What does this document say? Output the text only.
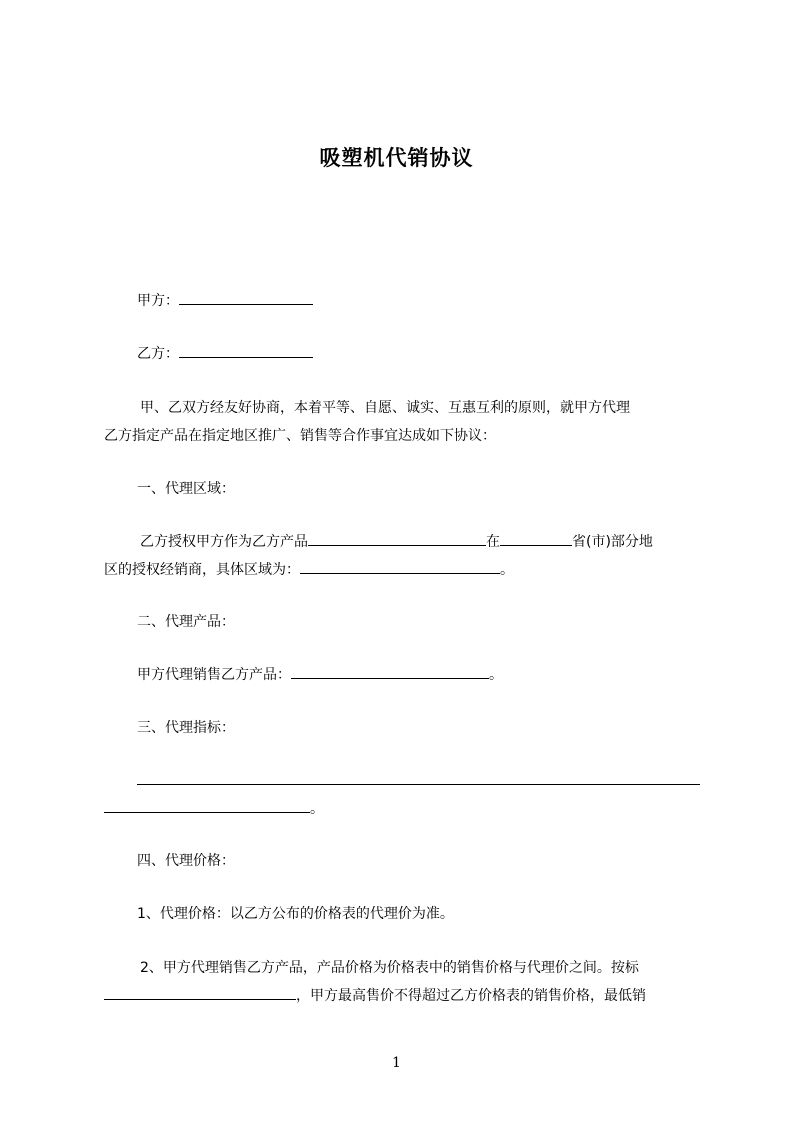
吸塑机代销协议
甲方：
乙方：
甲、乙双方经友好协商，本着平等、自愿、诚实、互惠互利的原则，就甲方代理
乙方指定产品在指定地区推广、销售等合作事宜达成如下协议：
一、代理区域：
乙方授权甲方作为乙方产品	在	省(市)部分地
区的授权经销商，具体区域为：	。
二、代理产品：
甲方代理销售乙方产品：	。
三、代理指标：
。
四、代理价格：
1、代理价格：以乙方公布的价格表的代理价为准。
2、甲方代理销售乙方产品，产品价格为价格表中的销售价格与代理价之间。按标
，甲方最高售价不得超过乙方价格表的销售价格，最低销
1
